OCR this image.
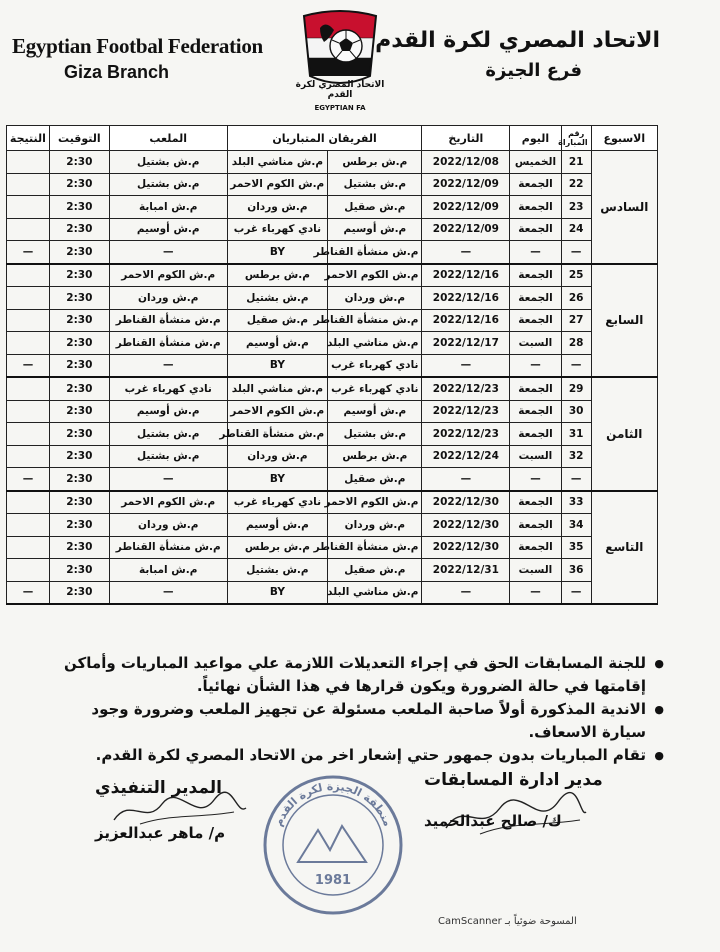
Egyptian Footbal Federation
Giza Branch
الاتحاد المصري لكرة القدم
فرع الجيزة
الاتحاد المصري لكرة القدم
EGYPTIAN FA
الاسبوع	رقم المباراة	اليوم	التاريخ	الفريقان المتباريان		الملعب	التوقيت	النتيجة
السادس	21	الخميس	2022/12/08	م.ش برطس	م.ش مناشي البلد	م.ش بشتيل	2:30	
	22	الجمعة	2022/12/09	م.ش بشتيل	م.ش الكوم الاحمر	م.ش بشتيل	2:30	
	23	الجمعة	2022/12/09	م.ش صقيل	م.ش وردان	م.ش امبابة	2:30	
	24	الجمعة	2022/12/09	م.ش أوسيم	نادي كهرباء غرب	م.ش أوسيم	2:30	
	—	—	—	م.ش منشأة القناطر	BY	—	2:30	—
السابع	25	الجمعة	2022/12/16	م.ش الكوم الاحمر	م.ش برطس	م.ش الكوم الاحمر	2:30	
	26	الجمعة	2022/12/16	م.ش وردان	م.ش بشتيل	م.ش وردان	2:30	
	27	الجمعة	2022/12/16	م.ش منشأة القناطر	م.ش صقيل	م.ش منشأة القناطر	2:30	
	28	السبت	2022/12/17	م.ش مناشي البلد	م.ش أوسيم	م.ش منشأة القناطر	2:30	
	—	—	—	نادي كهرباء غرب	BY	—	2:30	—
الثامن	29	الجمعة	2022/12/23	نادي كهرباء غرب	م.ش مناشي البلد	نادي كهرباء غرب	2:30	
	30	الجمعة	2022/12/23	م.ش أوسيم	م.ش الكوم الاحمر	م.ش أوسيم	2:30	
	31	الجمعة	2022/12/23	م.ش بشتيل	م.ش منشأة القناطر	م.ش بشتيل	2:30	
	32	السبت	2022/12/24	م.ش برطس	م.ش وردان	م.ش بشتيل	2:30	
	—	—	—	م.ش صقيل	BY	—	2:30	—
التاسع	33	الجمعة	2022/12/30	م.ش الكوم الاحمر	نادي كهرباء غرب	م.ش الكوم الاحمر	2:30	
	34	الجمعة	2022/12/30	م.ش وردان	م.ش أوسيم	م.ش وردان	2:30	
	35	الجمعة	2022/12/30	م.ش منشأة القناطر	م.ش برطس	م.ش منشأة القناطر	2:30	
	36	السبت	2022/12/31	م.ش صقيل	م.ش بشتيل	م.ش امبابة	2:30	
	—	—	—	م.ش مناشي البلد	BY	—	2:30	—
● للجنة المسابقات الحق في إجراء التعديلات اللازمة علي مواعيد المباريات وأماكن إقامتها في حالة الضرورة ويكون قرارها في هذا الشأن نهائياً.
● الاندية المذكورة أولاً صاحبة الملعب مسئولة عن تجهيز الملعب وضرورة وجود سيارة الاسعاف.
● تقام المباريات بدون جمهور حتي إشعار اخر من الاتحاد المصري لكرة القدم.
المدير التنفيذي
م/ ماهر عبدالعزيز
مدير ادارة المسابقات
ك/ صالح عبدالحميد
منطقة الجيزة لكرة القدم
1981
المسوحة ضوئياً بـ CamScanner
